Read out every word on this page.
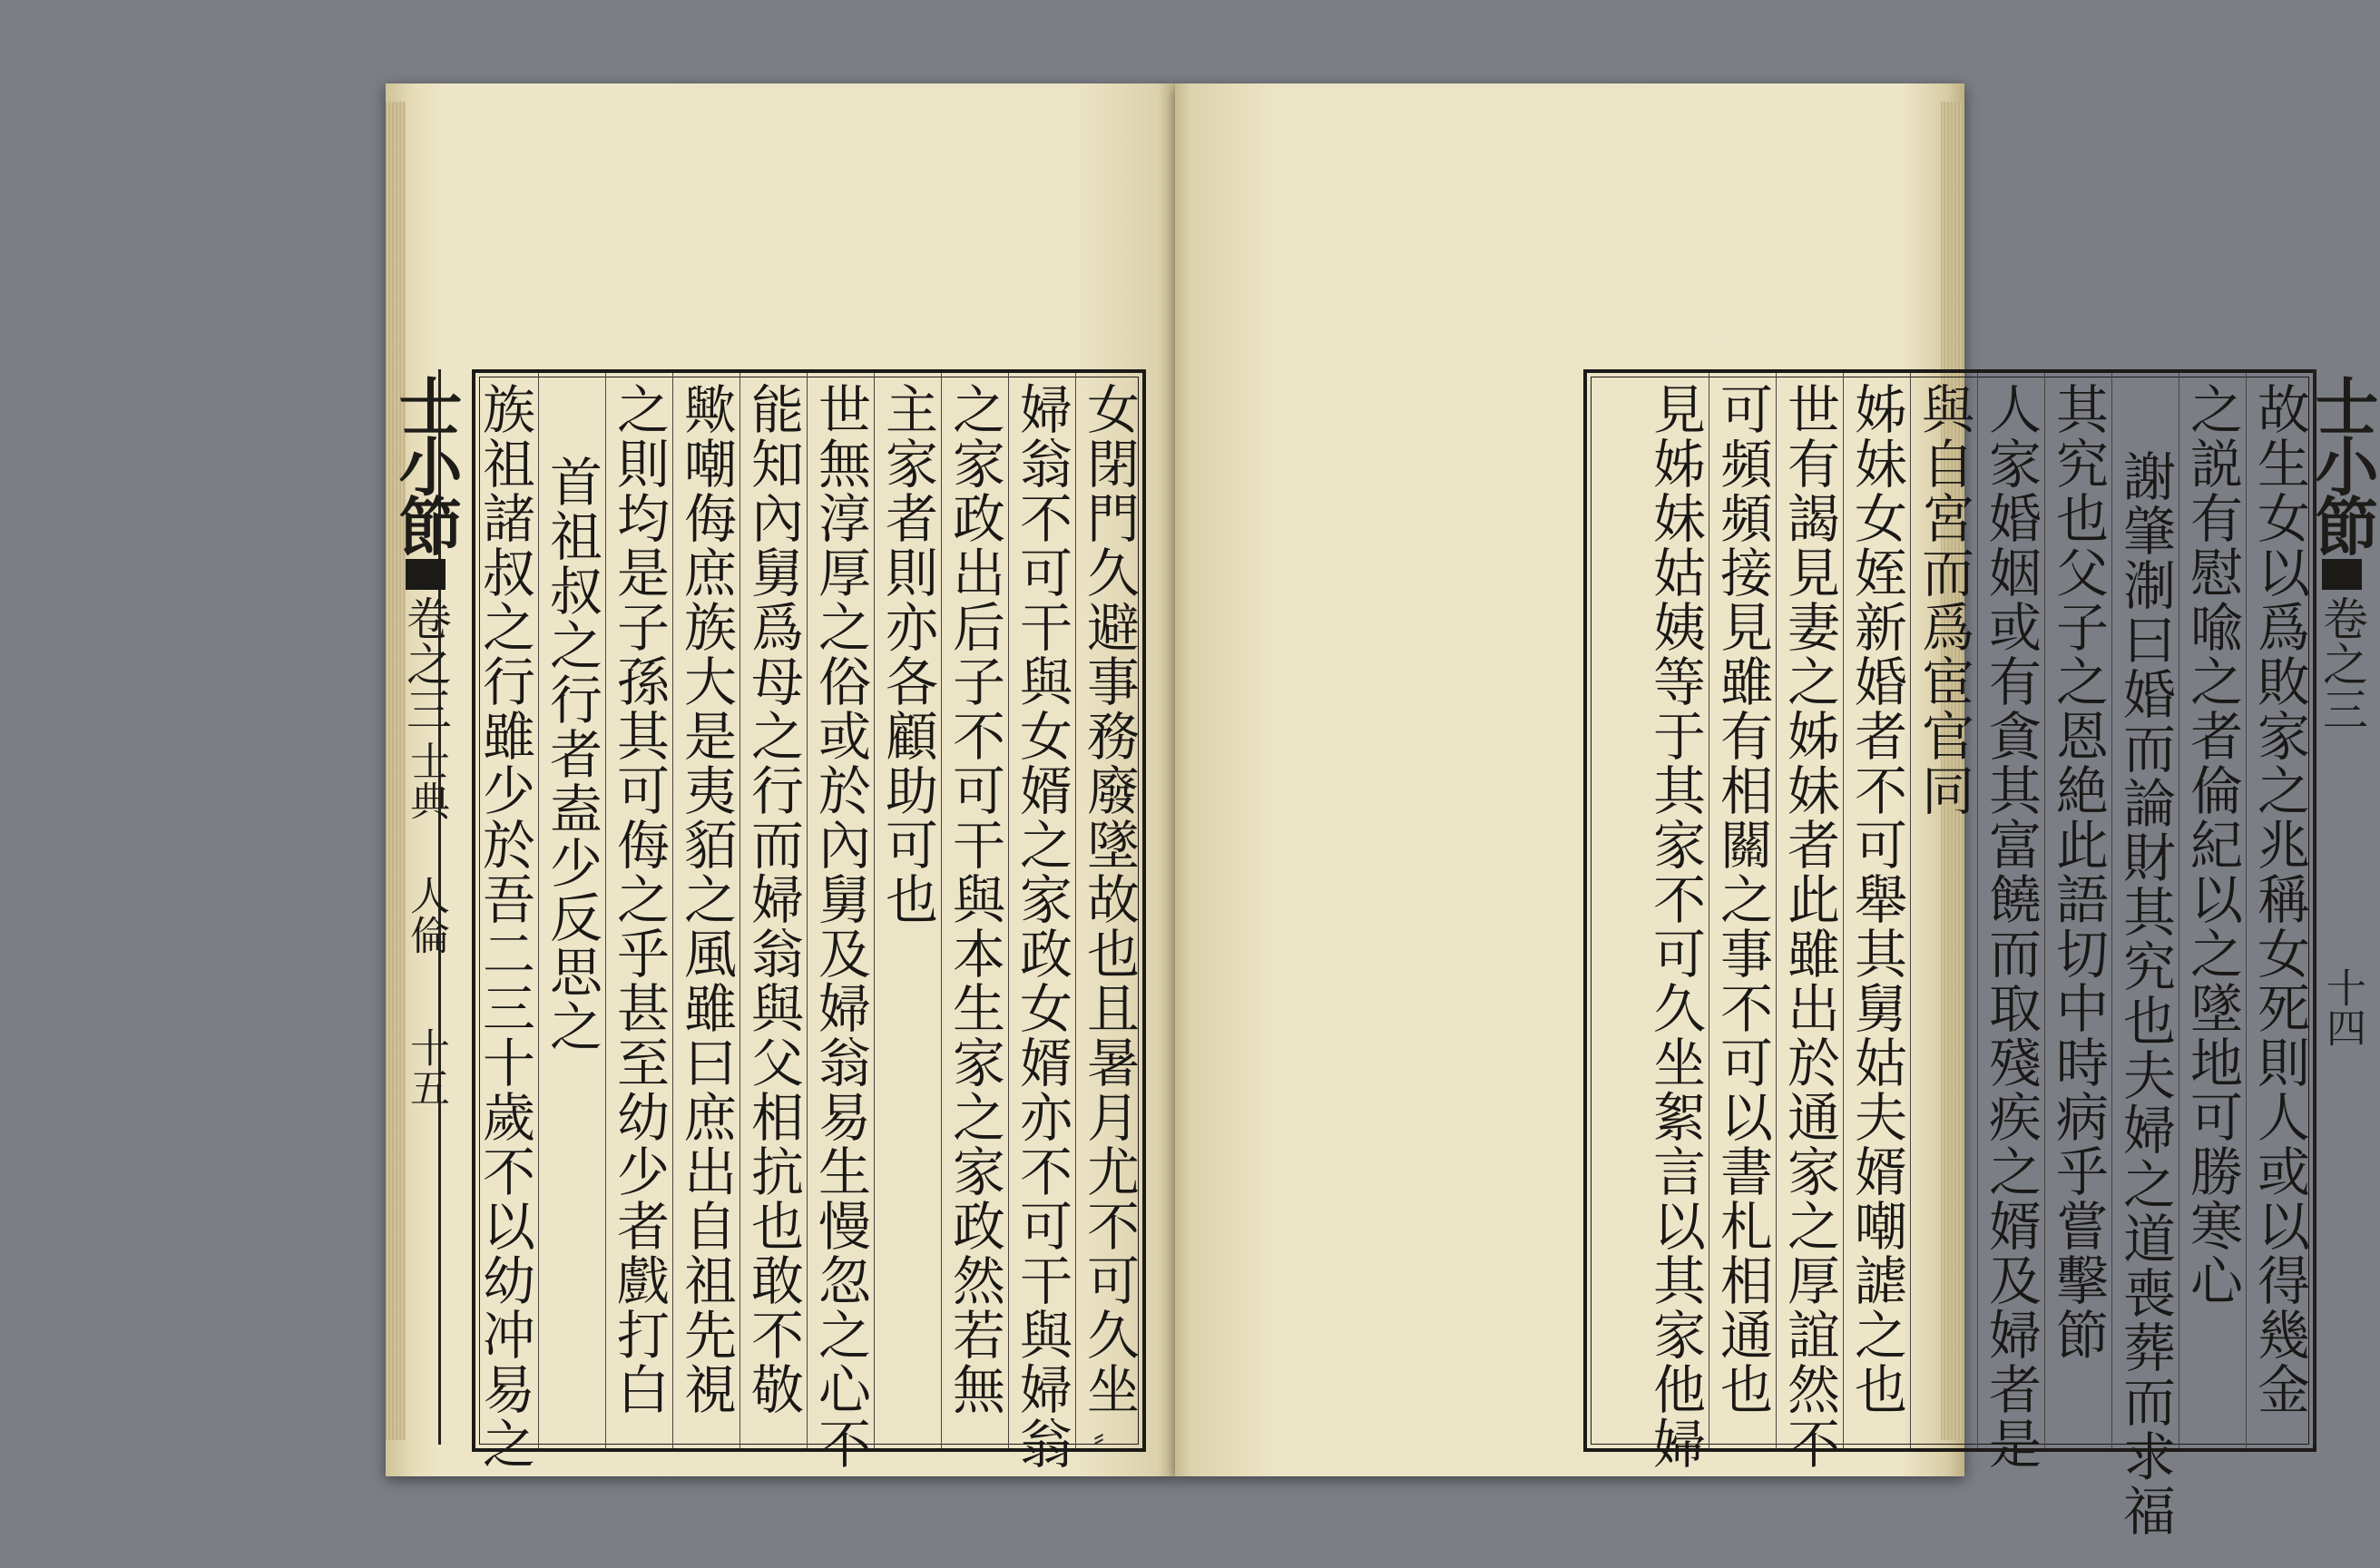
士小節卷之三士典人倫十五	女閉門久避事務廢墜故也且暑月尤不可久坐
婦翁不可干與女婿之家政女婿亦不可干與婦翁
之家政出后子不可干與本生家之家政然若無
主家者則亦各顧助可也
世無淳厚之俗或於內舅及婦翁易生慢忽之心不
能知內舅爲母之行而婦翁與父相抗也敢不敬
歟嘲侮庶族大是夷貊之風雖曰庶出自祖先視
之則均是子孫其可侮之乎甚至幼少者戲打白
首祖叔之行者盍少反思之
族祖諸叔之行雖少於吾二三十歲不以幼冲易之	⸗
故生女以爲敗家之兆稱女死則人或以得幾金
之説有慰喩之者倫紀以之墜地可勝寒心
謝肇淛曰婚而論財其究也夫婦之道喪葬而求福
其究也父子之恩絶此語切中時病乎嘗擊節
人家婚姻或有貪其富饒而取殘疾之婿及婦者是
與自宮而爲宦官同
姊妹女姪新婚者不可舉其舅姑夫婿嘲謔之也
世有謁見妻之姊妹者此雖出於通家之厚誼然不
可頻頻接見雖有相關之事不可以書札相通也
見姊妹姑姨等于其家不可久坐絮言以其家他婦	士小節卷之三十四
